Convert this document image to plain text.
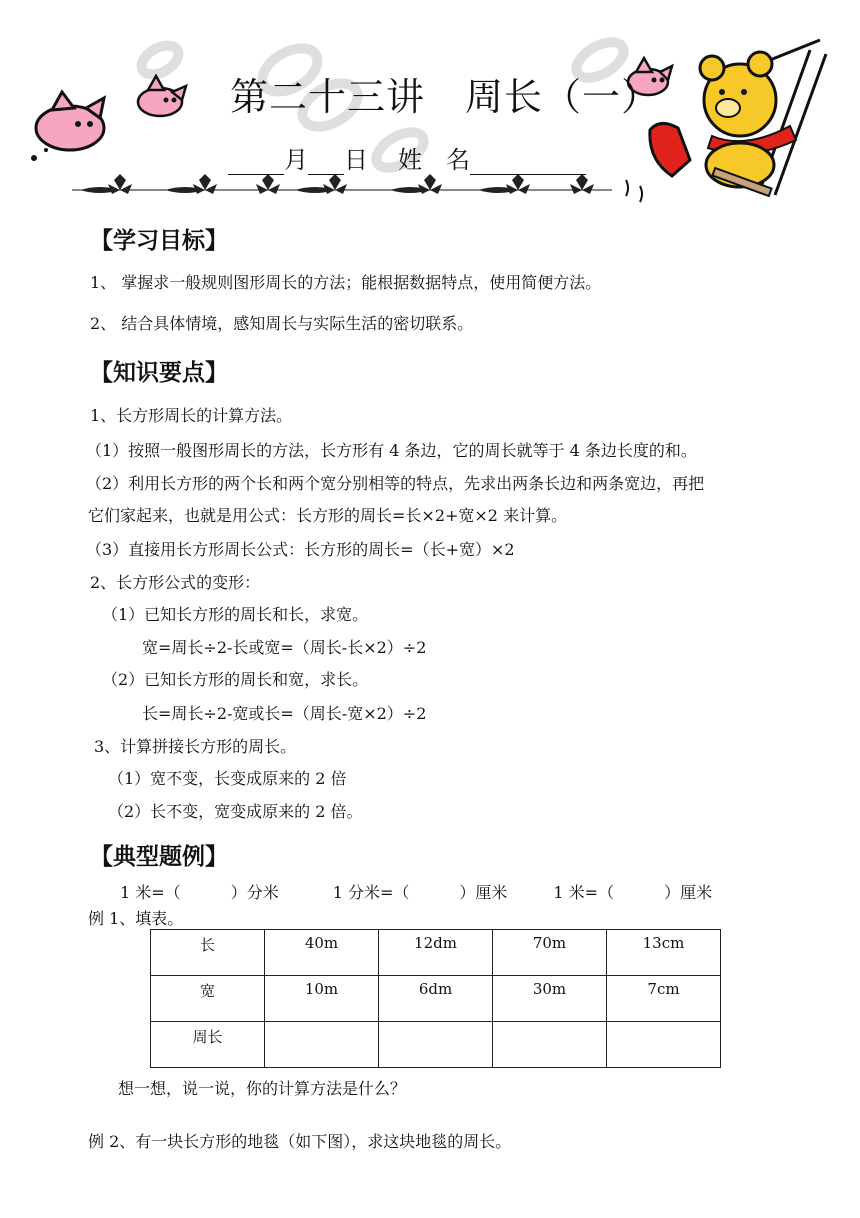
第二十三讲 周长（一）
月 日 姓　名
【学习目标】
1、 掌握求一般规则图形周长的方法；能根据数据特点，使用简便方法。
2、 结合具体情境，感知周长与实际生活的密切联系。
【知识要点】
1、长方形周长的计算方法。
（1）按照一般图形周长的方法，长方形有 4 条边，它的周长就等于 4 条边长度的和。
（2）利用长方形的两个长和两个宽分别相等的特点，先求出两条长边和两条宽边，再把
它们家起来，也就是用公式：长方形的周长=长×2+宽×2 来计算。
（3）直接用长方形周长公式：长方形的周长=（长+宽）×2
2、长方形公式的变形：
（1）已知长方形的周长和长，求宽。
宽=周长÷2-长或宽=（周长-长×2）÷2
（2）已知长方形的周长和宽，求长。
长=周长÷2-宽或长=（周长-宽×2）÷2
3、计算拼接长方形的周长。
（1）宽不变，长变成原来的 2 倍
（2）长不变，宽变成原来的 2 倍。
【典型题例】
1 米=（	）分米	1 分米=（	）厘米	1 米=（	）厘米
例 1、填表。
长	40m	12dm	70m	13cm
宽	10m	6dm	30m	7cm
周长				
想一想，说一说，你的计算方法是什么？
例 2、有一块长方形的地毯（如下图），求这块地毯的周长。
